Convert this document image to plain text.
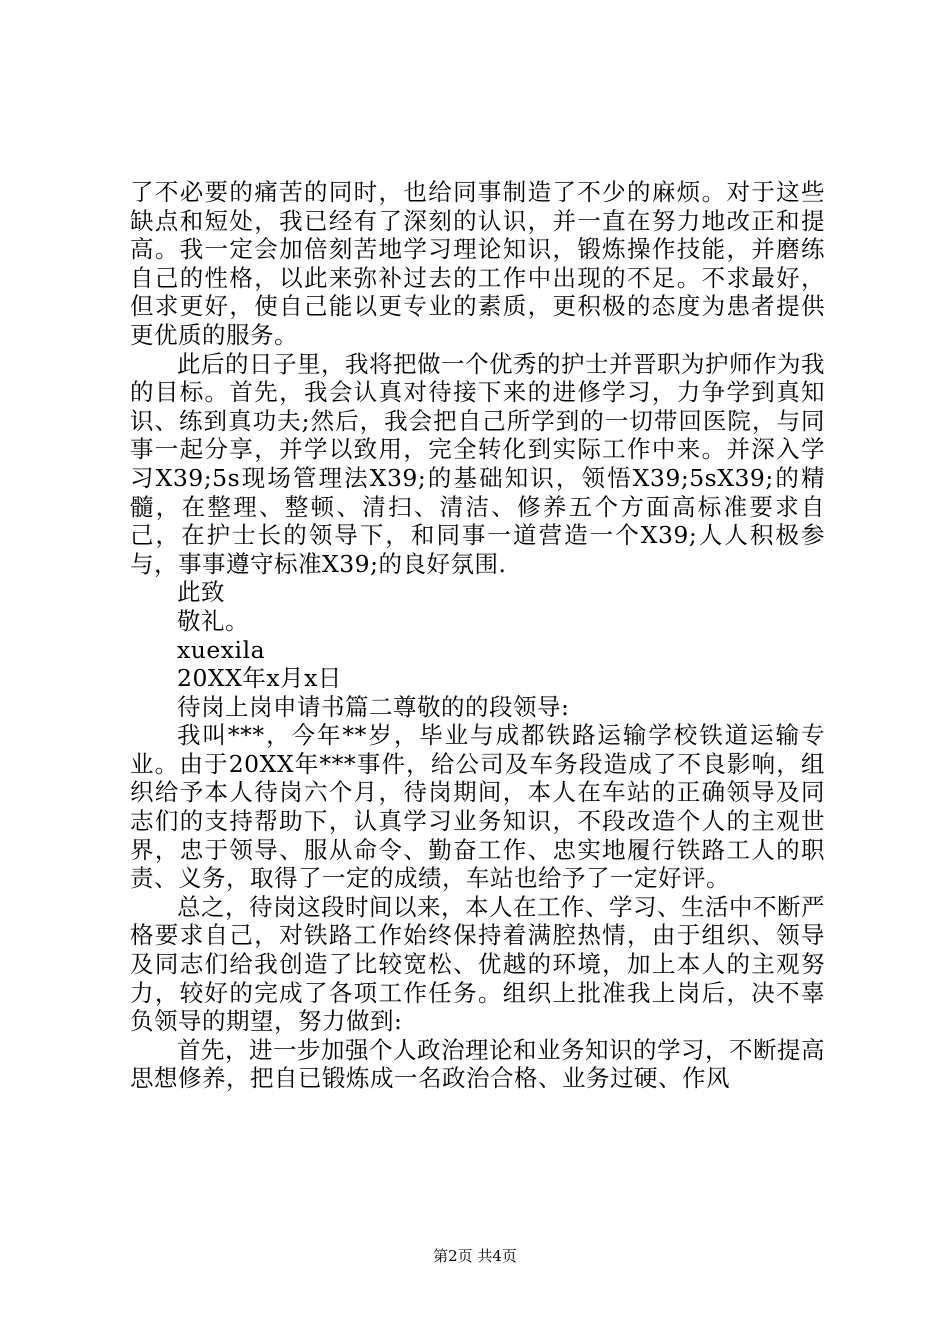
了不必要的痛苦的同时，也给同事制造了不少的麻烦。对于这些缺点和短处，我已经有了深刻的认识，并一直在努力地改正和提高。我一定会加倍刻苦地学习理论知识，锻炼操作技能，并磨练自己的性格，以此来弥补过去的工作中出现的不足。不求最好，但求更好，使自己能以更专业的素质，更积极的态度为患者提供更优质的服务。

此后的日子里，我将把做一个优秀的护士并晋职为护师作为我的目标。首先，我会认真对待接下来的进修学习，力争学到真知识、练到真功夫;然后，我会把自己所学到的一切带回医院，与同事一起分享，并学以致用，完全转化到实际工作中来。并深入学习X39;5s现场管理法X39;的基础知识，领悟X39;5sX39;的精髓，在整理、整顿、清扫、清洁、修养五个方面高标准要求自己，在护士长的领导下，和同事一道营造一个X39;人人积极参与，事事遵守标准X39;的良好氛围.

此致

敬礼。

xuexila

20XX年x月x日

待岗上岗申请书篇二尊敬的的段领导:

我叫***，今年**岁，毕业与成都铁路运输学校铁道运输专业。由于20XX年***事件，给公司及车务段造成了不良影响，组织给予本人待岗六个月，待岗期间，本人在车站的正确领导及同志们的支持帮助下，认真学习业务知识，不段改造个人的主观世界，忠于领导、服从命令、勤奋工作、忠实地履行铁路工人的职责、义务，取得了一定的成绩，车站也给予了一定好评。

总之，待岗这段时间以来，本人在工作、学习、生活中不断严格要求自己，对铁路工作始终保持着满腔热情，由于组织、领导及同志们给我创造了比较宽松、优越的环境，加上本人的主观努力，较好的完成了各项工作任务。组织上批准我上岗后，决不辜负领导的期望，努力做到:

首先，进一步加强个人政治理论和业务知识的学习，不断提高思想修养，把自已锻炼成一名政治合格、业务过硬、作风

第2页 共4页
